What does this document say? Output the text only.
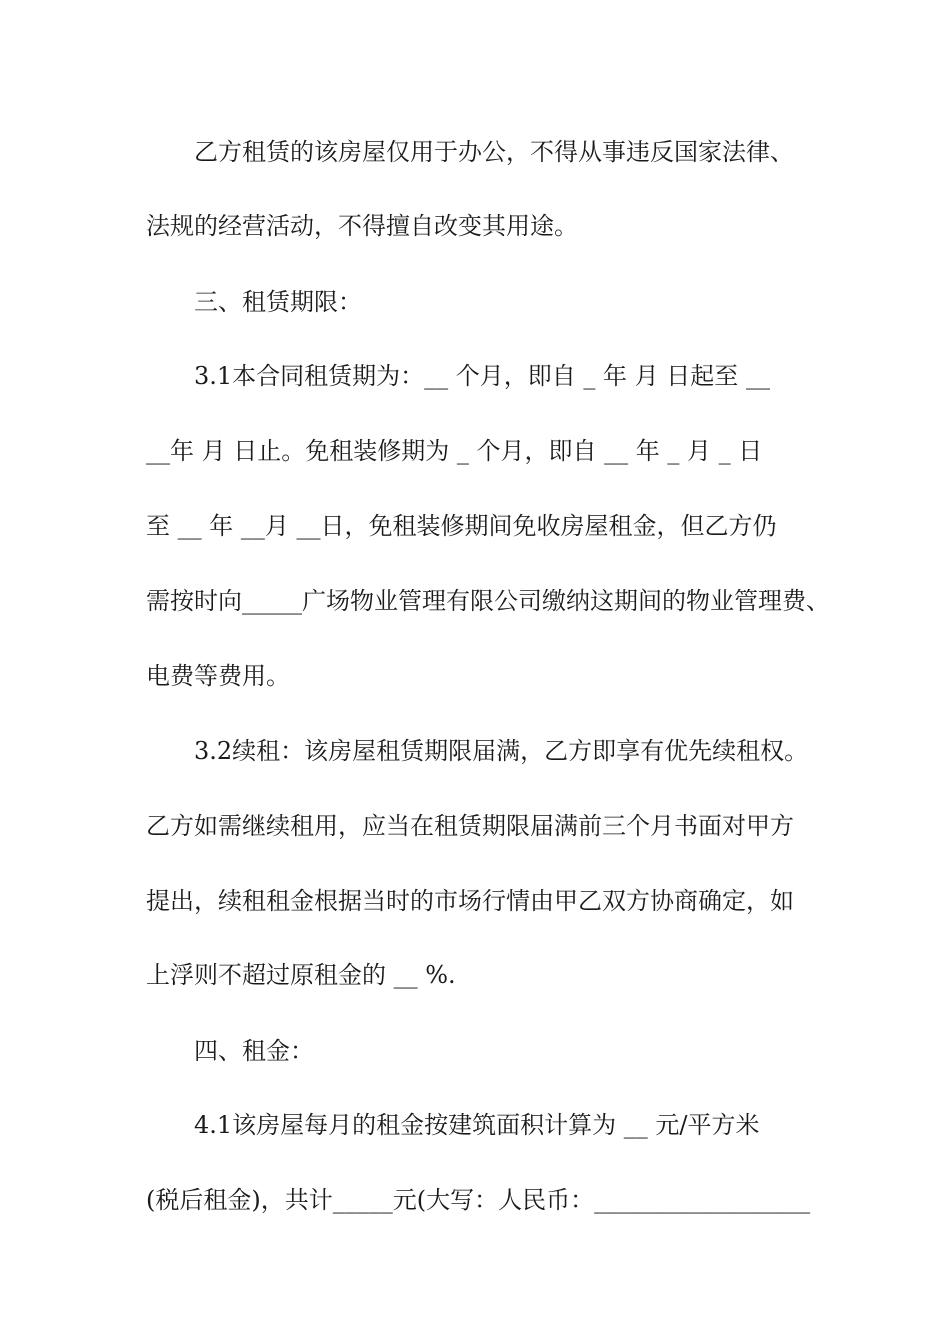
乙方租赁的该房屋仅用于办公，不得从事违反国家法律、
法规的经营活动，不得擅自改变其用途。
三、租赁期限：
3.1本合同租赁期为：__ 个月，即自 _ 年 月 日起至 __
__年 月 日止。免租装修期为 _ 个月，即自 __ 年 _ 月 _ 日
至 __ 年 __月 __日，免租装修期间免收房屋租金，但乙方仍
需按时向_____广场物业管理有限公司缴纳这期间的物业管理费、
电费等费用。
3.2续租：该房屋租赁期限届满，乙方即享有优先续租权。
乙方如需继续租用，应当在租赁期限届满前三个月书面对甲方
提出，续租租金根据当时的市场行情由甲乙双方协商确定，如
上浮则不超过原租金的 __ %.
四、租金：
4.1该房屋每月的租金按建筑面积计算为 __ 元/平方米
(税后租金)，共计_____元(大写：人民币：__________________
